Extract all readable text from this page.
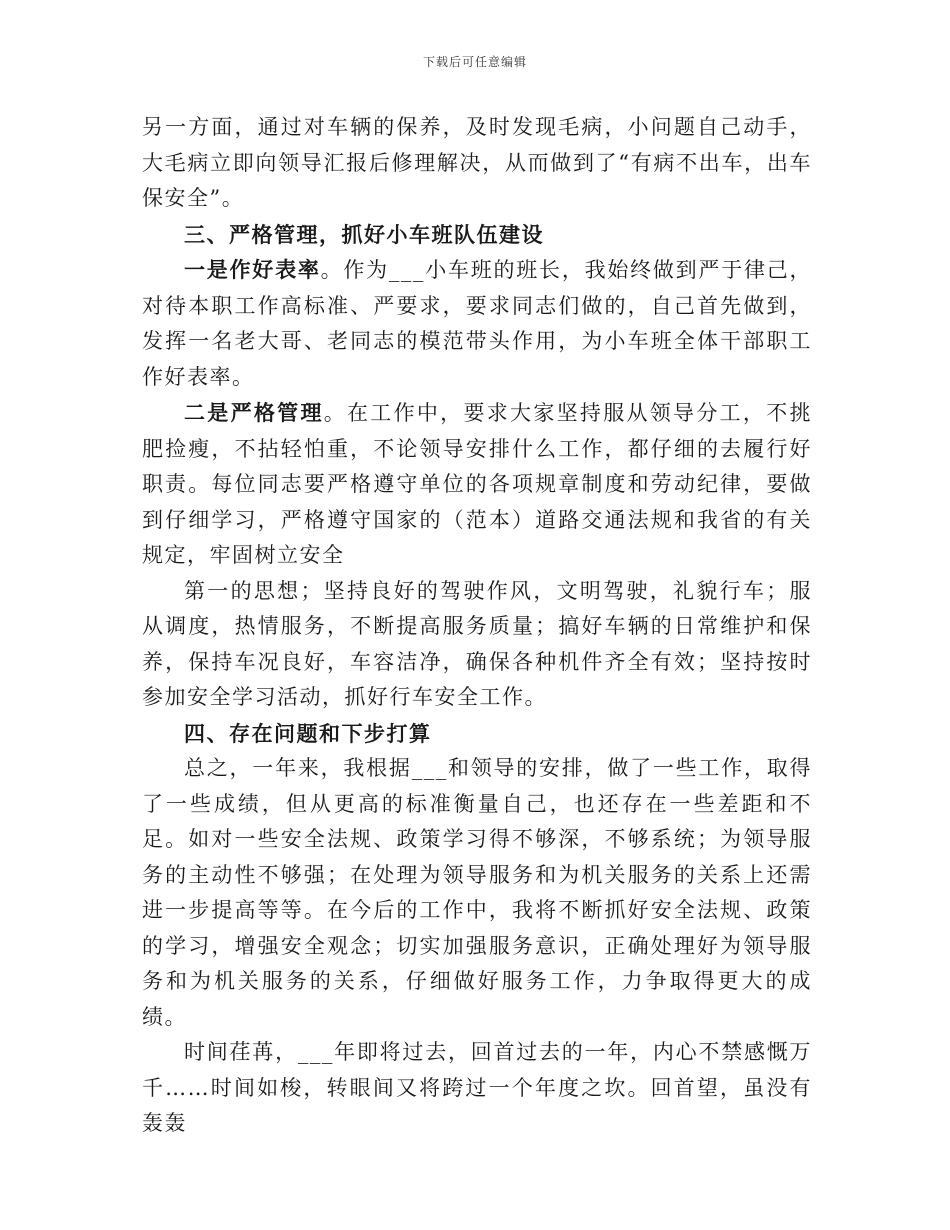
下载后可任意编辑

另一方面，通过对车辆的保养，及时发现毛病，小问题自己动手，大毛病立即向领导汇报后修理解决，从而做到了“有病不出车，出车保安全”。

三、严格管理，抓好小车班队伍建设

一是作好表率。作为___小车班的班长，我始终做到严于律己，对待本职工作高标准、严要求，要求同志们做的，自己首先做到，发挥一名老大哥、老同志的模范带头作用，为小车班全体干部职工作好表率。

二是严格管理。在工作中，要求大家坚持服从领导分工，不挑肥捡瘦，不拈轻怕重，不论领导安排什么工作，都仔细的去履行好职责。每位同志要严格遵守单位的各项规章制度和劳动纪律，要做到仔细学习，严格遵守国家的（范本）道路交通法规和我省的有关规定，牢固树立安全

第一的思想；坚持良好的驾驶作风，文明驾驶，礼貌行车；服从调度，热情服务，不断提高服务质量；搞好车辆的日常维护和保养，保持车况良好，车容洁净，确保各种机件齐全有效；坚持按时参加安全学习活动，抓好行车安全工作。

四、存在问题和下步打算

总之，一年来，我根据___和领导的安排，做了一些工作，取得了一些成绩，但从更高的标准衡量自己，也还存在一些差距和不足。如对一些安全法规、政策学习得不够深，不够系统；为领导服务的主动性不够强；在处理为领导服务和为机关服务的关系上还需进一步提高等等。在今后的工作中，我将不断抓好安全法规、政策的学习，增强安全观念；切实加强服务意识，正确处理好为领导服务和为机关服务的关系，仔细做好服务工作，力争取得更大的成绩。

时间荏苒，___年即将过去，回首过去的一年，内心不禁感慨万千……时间如梭，转眼间又将跨过一个年度之坎。回首望，虽没有轰轰
